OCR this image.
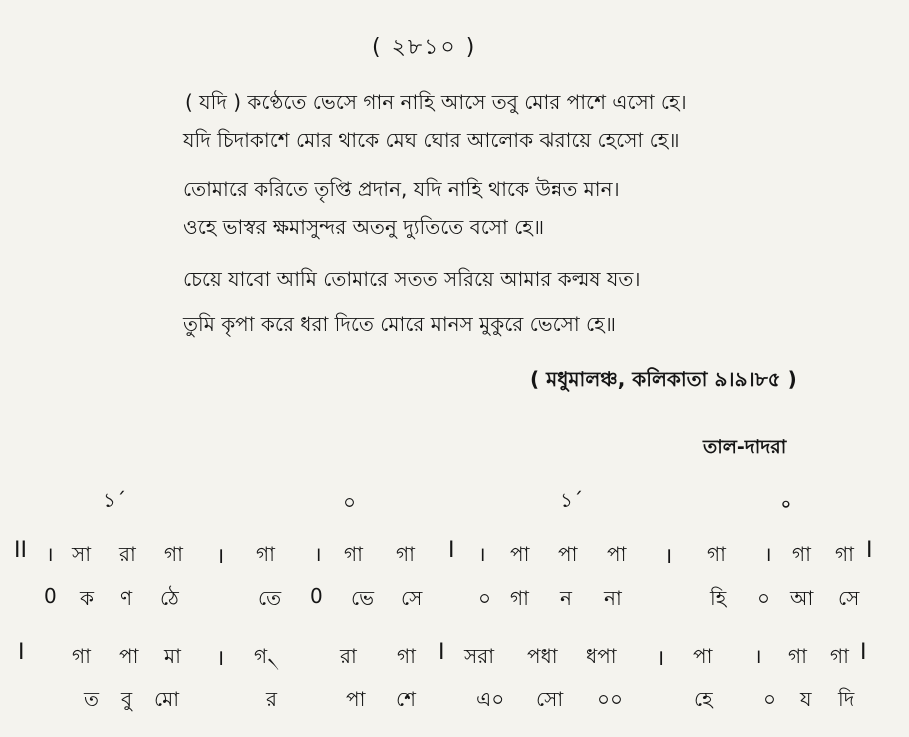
( ২৮১০ )
( যদি ) কণ্ঠেতে ভেসে গান নাহি আসে তবু মোর পাশে এসো হে।
যদি চিদাকাশে মোর থাকে মেঘ ঘোর আলোক ঝরায়ে হেসো হে॥
তোমারে করিতে তৃপ্তি প্রদান, যদি নাহি থাকে উন্নত মান।
ওহে ভাস্বর ক্ষমাসুন্দর অতনু দ্যুতিতে বসো হে॥
চেয়ে যাবো আমি তোমারে সতত সরিয়ে আমার কল্মষ যত।
তুমি কৃপা করে ধরা দিতে মোরে মানস মুকুরে ভেসো হে॥
( মধুমালঞ্চ, কলিকাতা ৯।৯।৮৫ )
তাল-দাদরা
১´	০	১´	০
II । সা রা গা । গা । গা গা I । পা পা পা । গা । গা গা I
0 ক ণ ঠে	তে 0 ভে সে	০ গা ন না	হি ০ আ সে
I গা পা মা । গ৲	রা গা I সরা পধা ধপা । পা । গা গা I
ত বু মো	র	পা শে	এ০ সো ০০	হে	০ য দি
